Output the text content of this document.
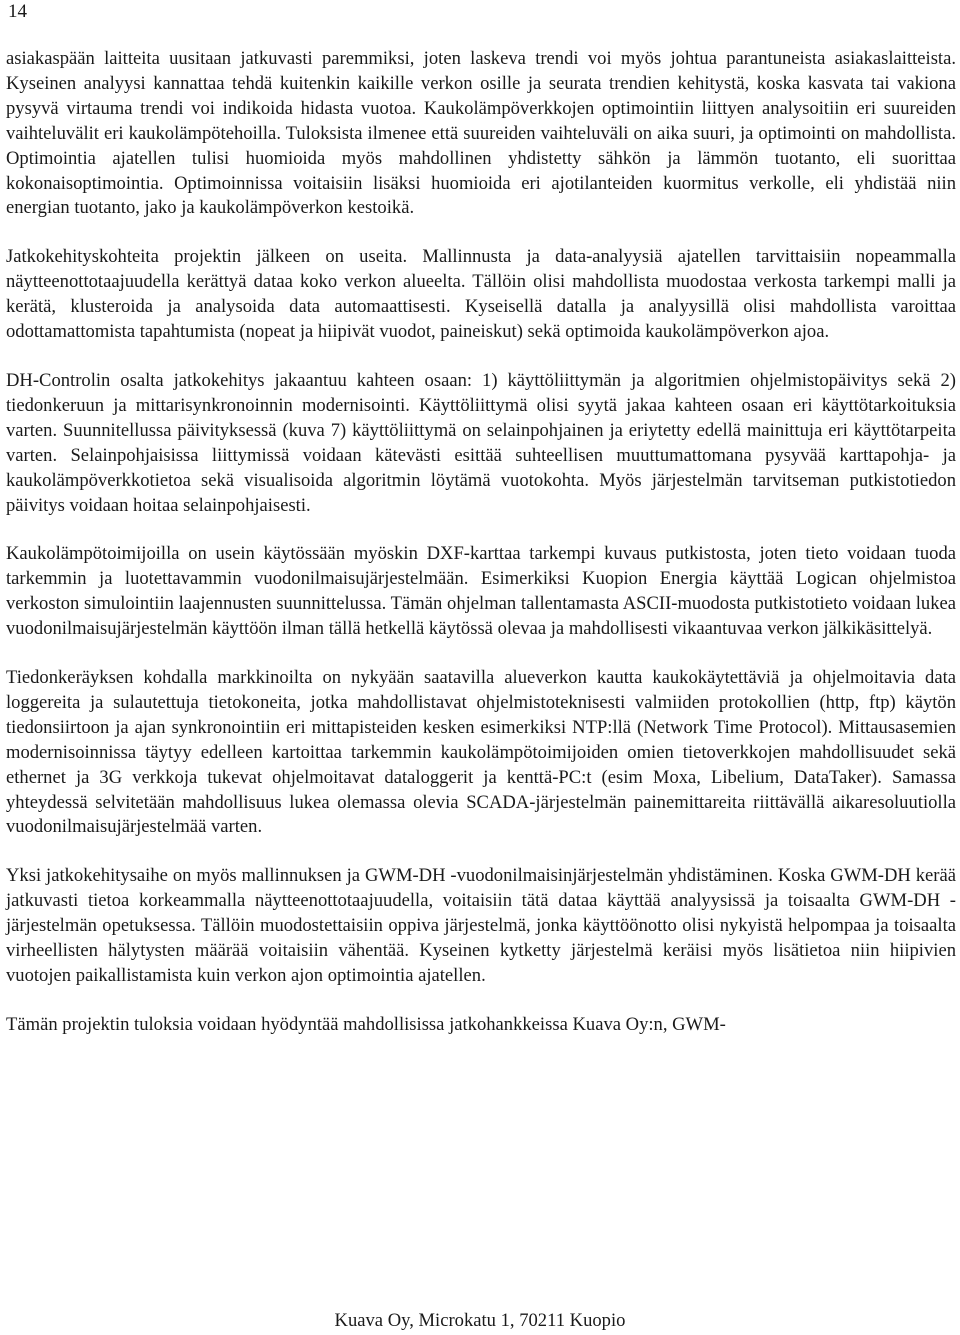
14

asiakaspään laitteita uusitaan jatkuvasti paremmiksi, joten laskeva trendi voi myös johtua parantuneista asiakaslaitteista. Kyseinen analyysi kannattaa tehdä kuitenkin kaikille verkon osille ja seurata trendien kehitystä, koska kasvata tai vakiona pysyvä virtauma trendi voi indikoida hidasta vuotoa. Kaukolämpöverkkojen optimointiin liittyen analysoitiin eri suureiden vaihteluvälit eri kaukolämpötehoilla. Tuloksista ilmenee että suureiden vaihteluväli on aika suuri, ja optimointi on mahdollista. Optimointia ajatellen tulisi huomioida myös mahdollinen yhdistetty sähkön ja lämmön tuotanto, eli suorittaa kokonaisoptimointia. Optimoinnissa voitaisiin lisäksi huomioida eri ajotilanteiden kuormitus verkolle, eli yhdistää niin energian tuotanto, jako ja kaukolämpöverkon kestoikä.

Jatkokehityskohteita projektin jälkeen on useita. Mallinnusta ja data-analyysiä ajatellen tarvittaisiin nopeammalla näytteenottotaajuudella kerättyä dataa koko verkon alueelta. Tällöin olisi mahdollista muodostaa verkosta tarkempi malli ja kerätä, klusteroida ja analysoida data automaattisesti. Kyseisellä datalla ja analyysillä olisi mahdollista varoittaa odottamattomista tapahtumista (nopeat ja hiipivät vuodot, paineiskut) sekä optimoida kaukolämpöverkon ajoa.

DH-Controlin osalta jatkokehitys jakaantuu kahteen osaan: 1) käyttöliittymän ja algoritmien ohjelmistopäivitys sekä 2) tiedonkeruun ja mittarisynkronoinnin modernisointi. Käyttöliittymä olisi syytä jakaa kahteen osaan eri käyttötarkoituksia varten. Suunnitellussa päivityksessä (kuva 7) käyttöliittymä on selainpohjainen ja eriytetty edellä mainittuja eri käyttötarpeita varten. Selainpohjaisissa liittymissä voidaan kätevästi esittää suhteellisen muuttumattomana pysyvää karttapohja- ja kaukolämpöverkkotietoa sekä visualisoida algoritmin löytämä vuotokohta. Myös järjestelmän tarvitseman putkistotiedon päivitys voidaan hoitaa selainpohjaisesti.

Kaukolämpötoimijoilla on usein käytössään myöskin DXF-karttaa tarkempi kuvaus putkistosta, joten tieto voidaan tuoda tarkemmin ja luotettavammin vuodonilmaisujärjestelmään. Esimerkiksi Kuopion Energia käyttää Logican ohjelmistoa verkoston simulointiin laajennusten suunnittelussa. Tämän ohjelman tallentamasta ASCII-muodosta putkistotieto voidaan lukea vuodonilmaisujärjestelmän käyttöön ilman tällä hetkellä käytössä olevaa ja mahdollisesti vikaantuvaa verkon jälkikäsittelyä.

Tiedonkeräyksen kohdalla markkinoilta on nykyään saatavilla alueverkon kautta kaukokäytettäviä ja ohjelmoitavia data loggereita ja sulautettuja tietokoneita, jotka mahdollistavat ohjelmistoteknisesti valmiiden protokollien (http, ftp) käytön tiedonsiirtoon ja ajan synkronointiin eri mittapisteiden kesken esimerkiksi NTP:llä (Network Time Protocol). Mittausasemien modernisoinnissa täytyy edelleen kartoittaa tarkemmin kaukolämpötoimijoiden omien tietoverkkojen mahdollisuudet sekä ethernet ja 3G verkkoja tukevat ohjelmoitavat dataloggerit ja kenttä-PC:t (esim Moxa, Libelium, DataTaker). Samassa yhteydessä selvitetään mahdollisuus lukea olemassa olevia SCADA-järjestelmän painemittareita riittävällä aikaresoluutiolla vuodonilmaisujärjestelmää varten.

Yksi jatkokehitysaihe on myös mallinnuksen ja GWM-DH -vuodonilmaisinjärjestelmän yhdistäminen. Koska GWM-DH kerää jatkuvasti tietoa korkeammalla näytteenottotaajuudella, voitaisiin tätä dataa käyttää analyysissä ja toisaalta GWM-DH -järjestelmän opetuksessa. Tällöin muodostettaisiin oppiva järjestelmä, jonka käyttöönotto olisi nykyistä helpompaa ja toisaalta virheellisten hälytysten määrää voitaisiin vähentää. Kyseinen kytketty järjestelmä keräisi myös lisätietoa niin hiipivien vuotojen paikallistamista kuin verkon ajon optimointia ajatellen.

Tämän projektin tuloksia voidaan hyödyntää mahdollisissa jatkohankkeissa Kuava Oy:n, GWM-

Kuava Oy, Microkatu 1, 70211 Kuopio
